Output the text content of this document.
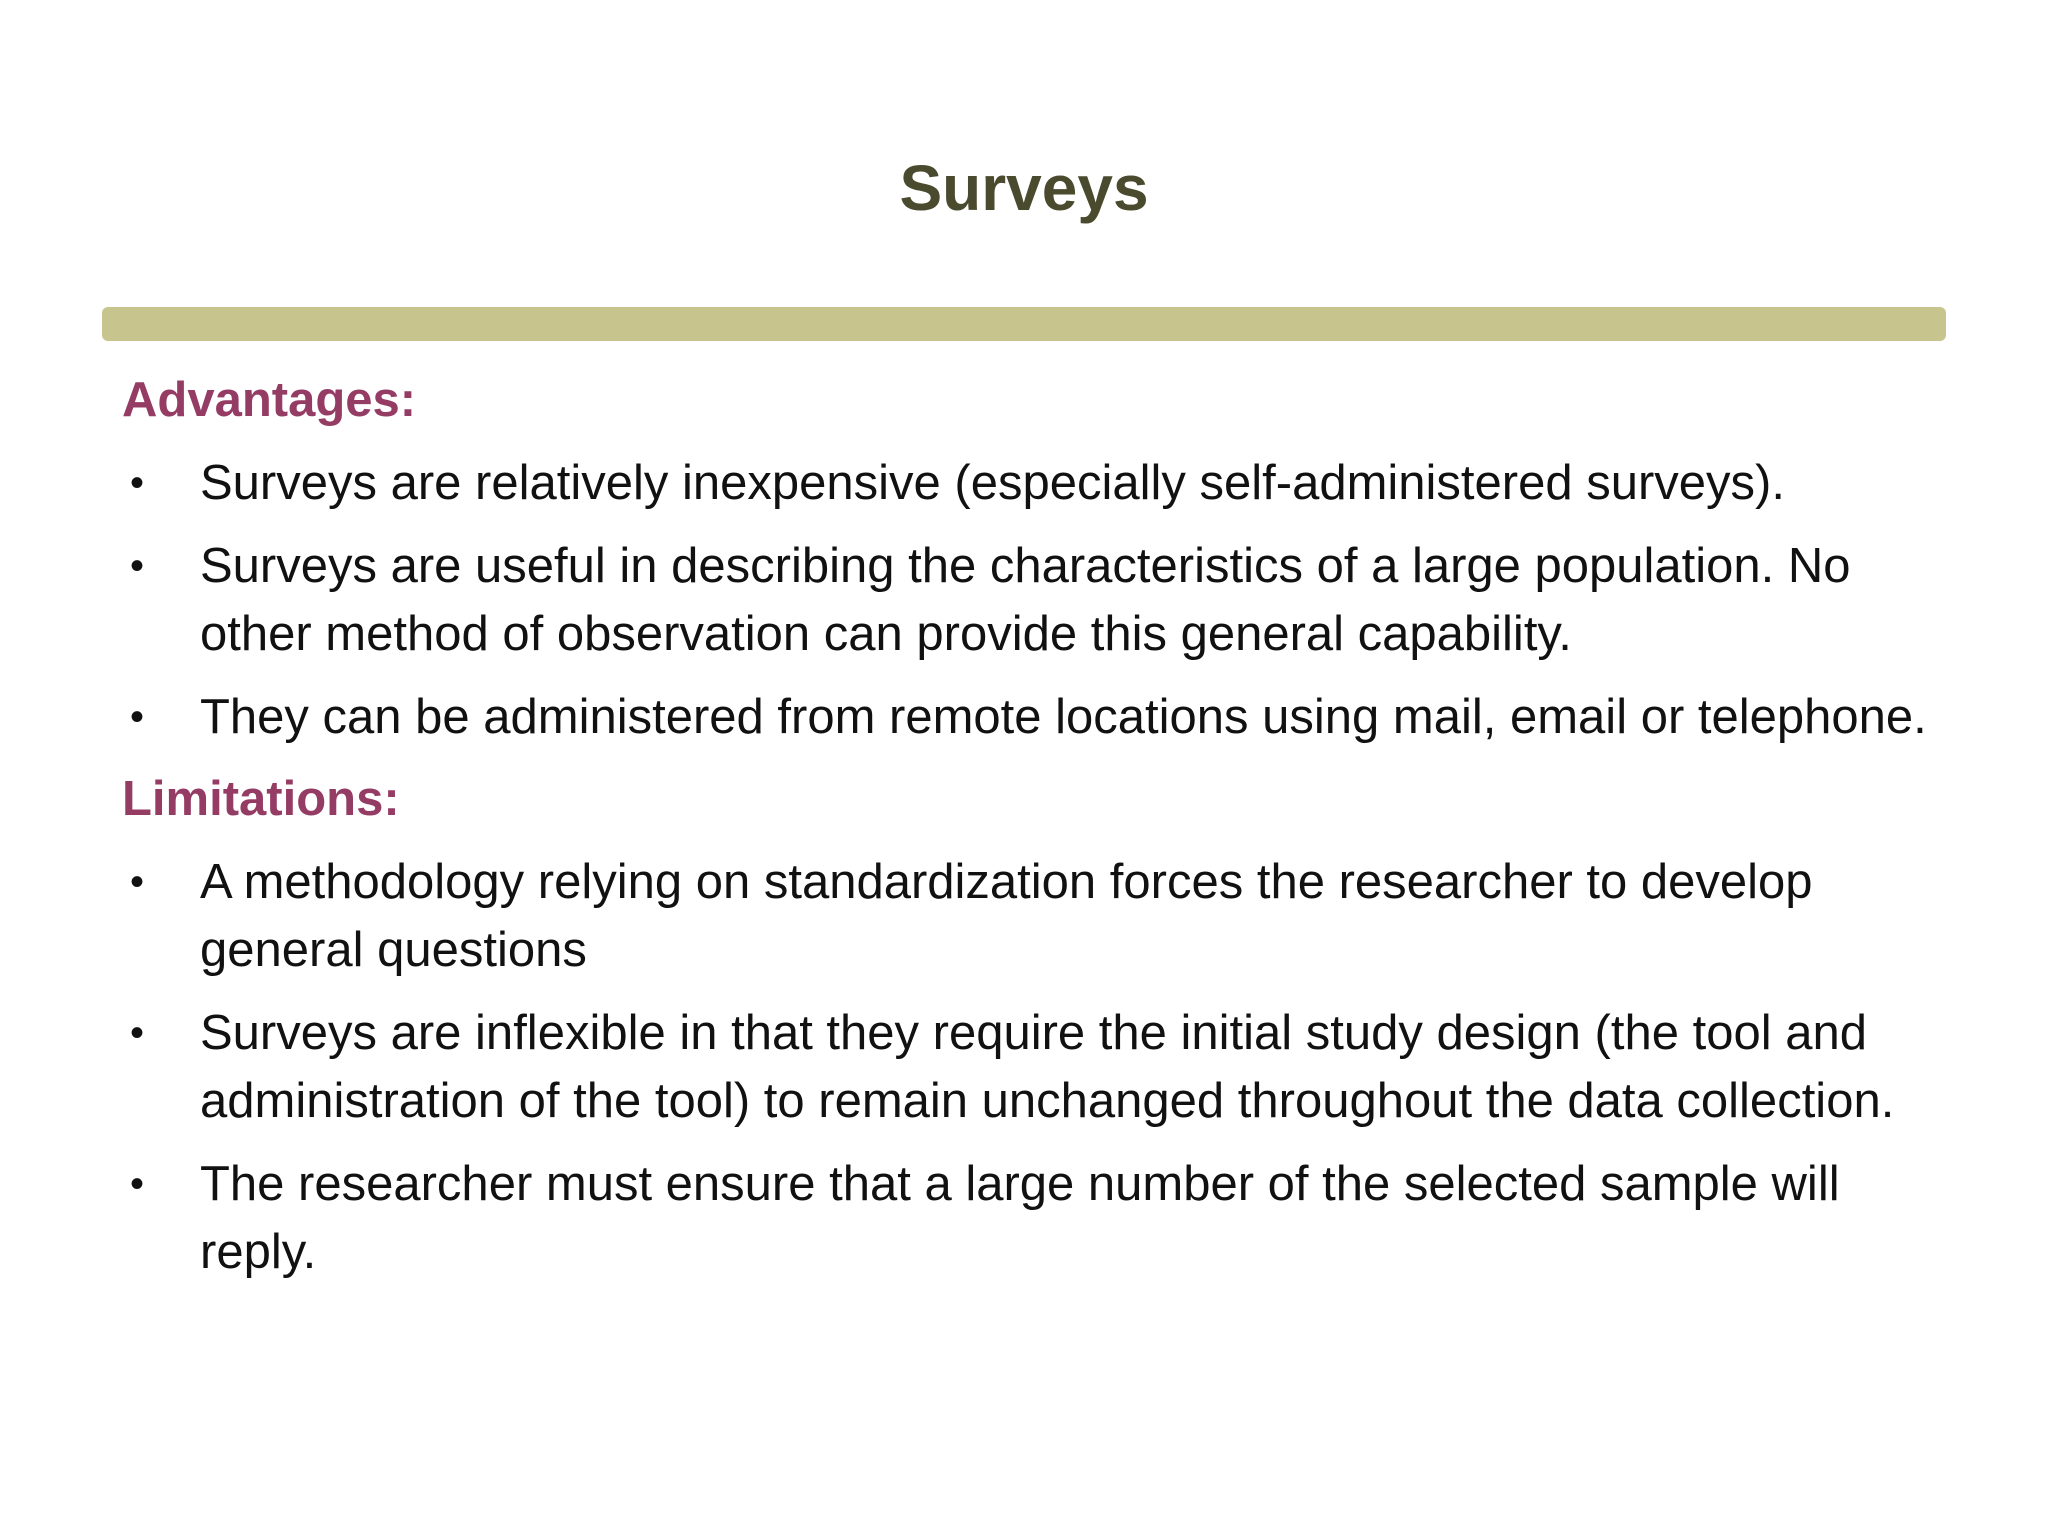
Surveys
Advantages:
• Surveys are relatively inexpensive (especially self-administered surveys).
• Surveys are useful in describing the characteristics of a large population. No other method of observation can provide this general capability.
• They can be administered from remote locations using mail, email or telephone.
Limitations:
• A methodology relying on standardization forces the researcher to develop general questions
• Surveys are inflexible in that they require the initial study design (the tool and administration of the tool) to remain unchanged throughout the data collection.
• The researcher must ensure that a large number of the selected sample will reply.
